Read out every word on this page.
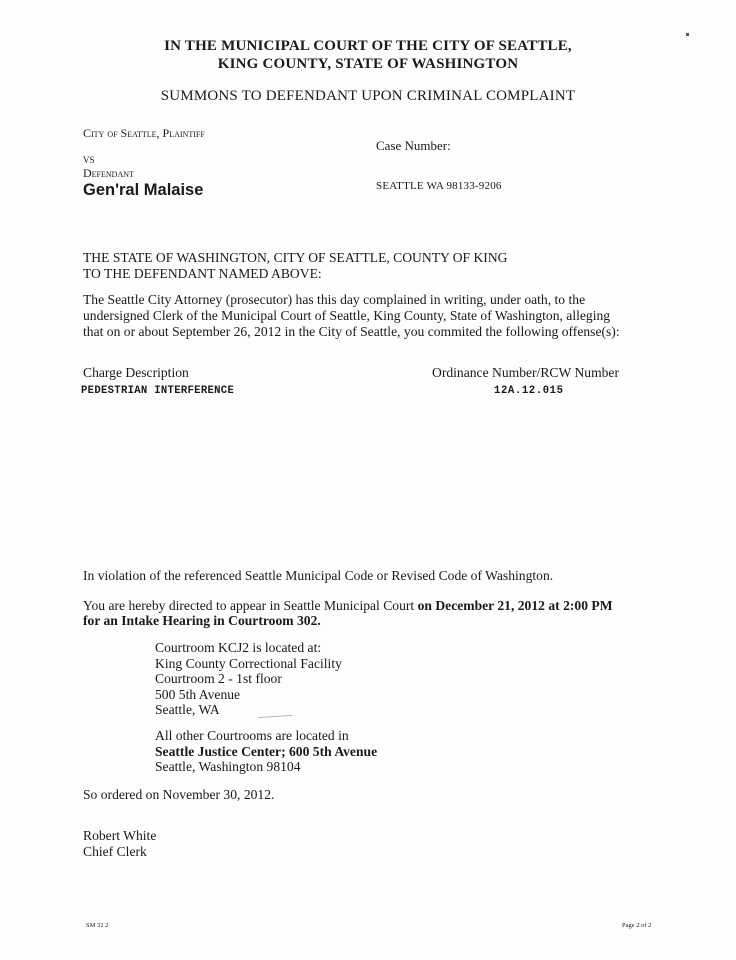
IN THE MUNICIPAL COURT OF THE CITY OF SEATTLE,
KING COUNTY, STATE OF WASHINGTON
SUMMONS TO DEFENDANT UPON CRIMINAL COMPLAINT
City of Seattle, Plaintiff
VS
Defendant
Gen'ral Malaise
Case Number:
SEATTLE WA 98133-9206
THE STATE OF WASHINGTON, CITY OF SEATTLE, COUNTY OF KING
TO THE DEFENDANT NAMED ABOVE:
The Seattle City Attorney (prosecutor) has this day complained in writing, under oath, to the
undersigned Clerk of the Municipal Court of Seattle, King County, State of Washington, alleging
that on or about September 26, 2012 in the City of Seattle, you commited the following offense(s):
Charge Description
PEDESTRIAN INTERFERENCE
Ordinance Number/RCW Number
12A.12.015
In violation of the referenced Seattle Municipal Code or Revised Code of Washington.
You are hereby directed to appear in Seattle Municipal Court on December 21, 2012 at 2:00 PM
for an Intake Hearing in Courtroom 302.
Courtroom KCJ2 is located at:
King County Correctional Facility
Courtroom 2 - 1st floor
500 5th Avenue
Seattle, WA
All other Courtrooms are located in
Seattle Justice Center; 600 5th Avenue
Seattle, Washington 98104
So ordered on November 30, 2012.
Robert White
Chief Clerk
SM 32 2	Page 2 of 2
